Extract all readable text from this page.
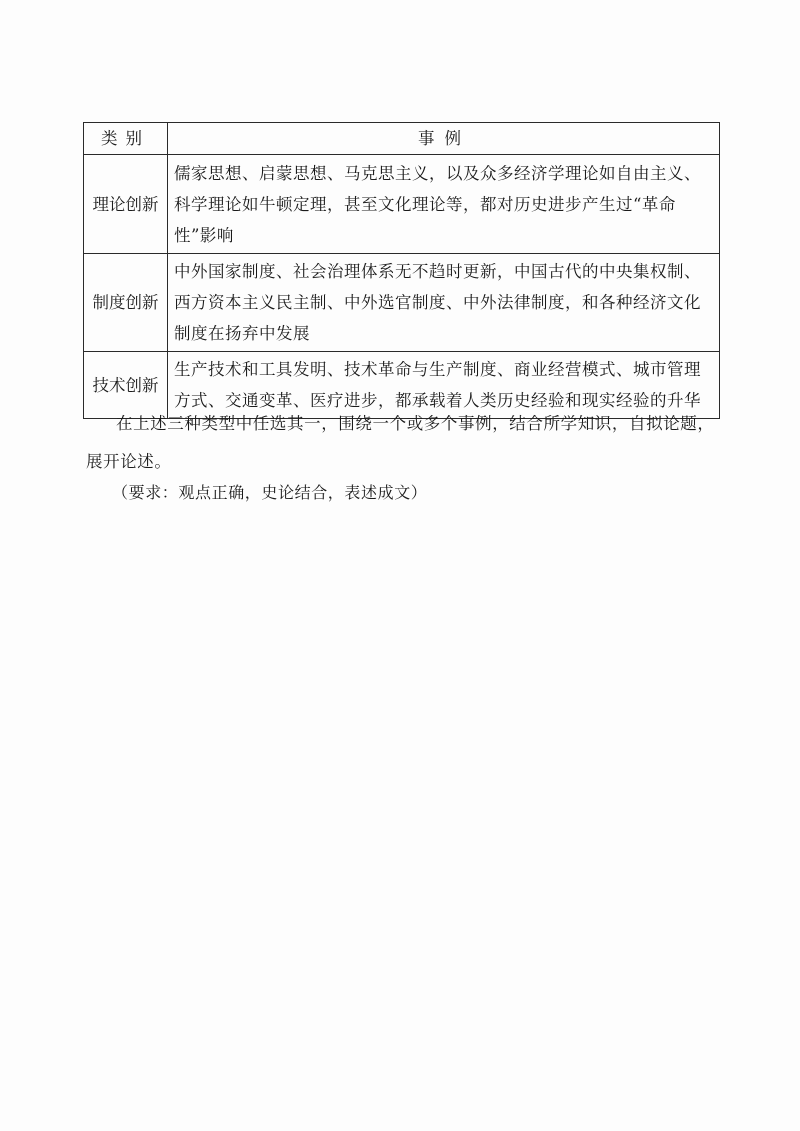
类别	事例
理论创新	儒家思想、启蒙思想、马克思主义，以及众多经济学理论如自由主义、科学理论如牛顿定理，甚至文化理论等，都对历史进步产生过“革命性”影响

制度创新	中外国家制度、社会治理体系无不趋时更新，中国古代的中央集权制、西方资本主义民主制、中外选官制度、中外法律制度，和各种经济文化制度在扬弃中发展

技术创新	生产技术和工具发明、技术革命与生产制度、商业经营模式、城市管理方式、交通变革、医疗进步，都承载着人类历史经验和现实经验的升华

在上述三种类型中任选其一，围绕一个或多个事例，结合所学知识，自拟论题，展开论述。

（要求：观点正确，史论结合，表述成文）
